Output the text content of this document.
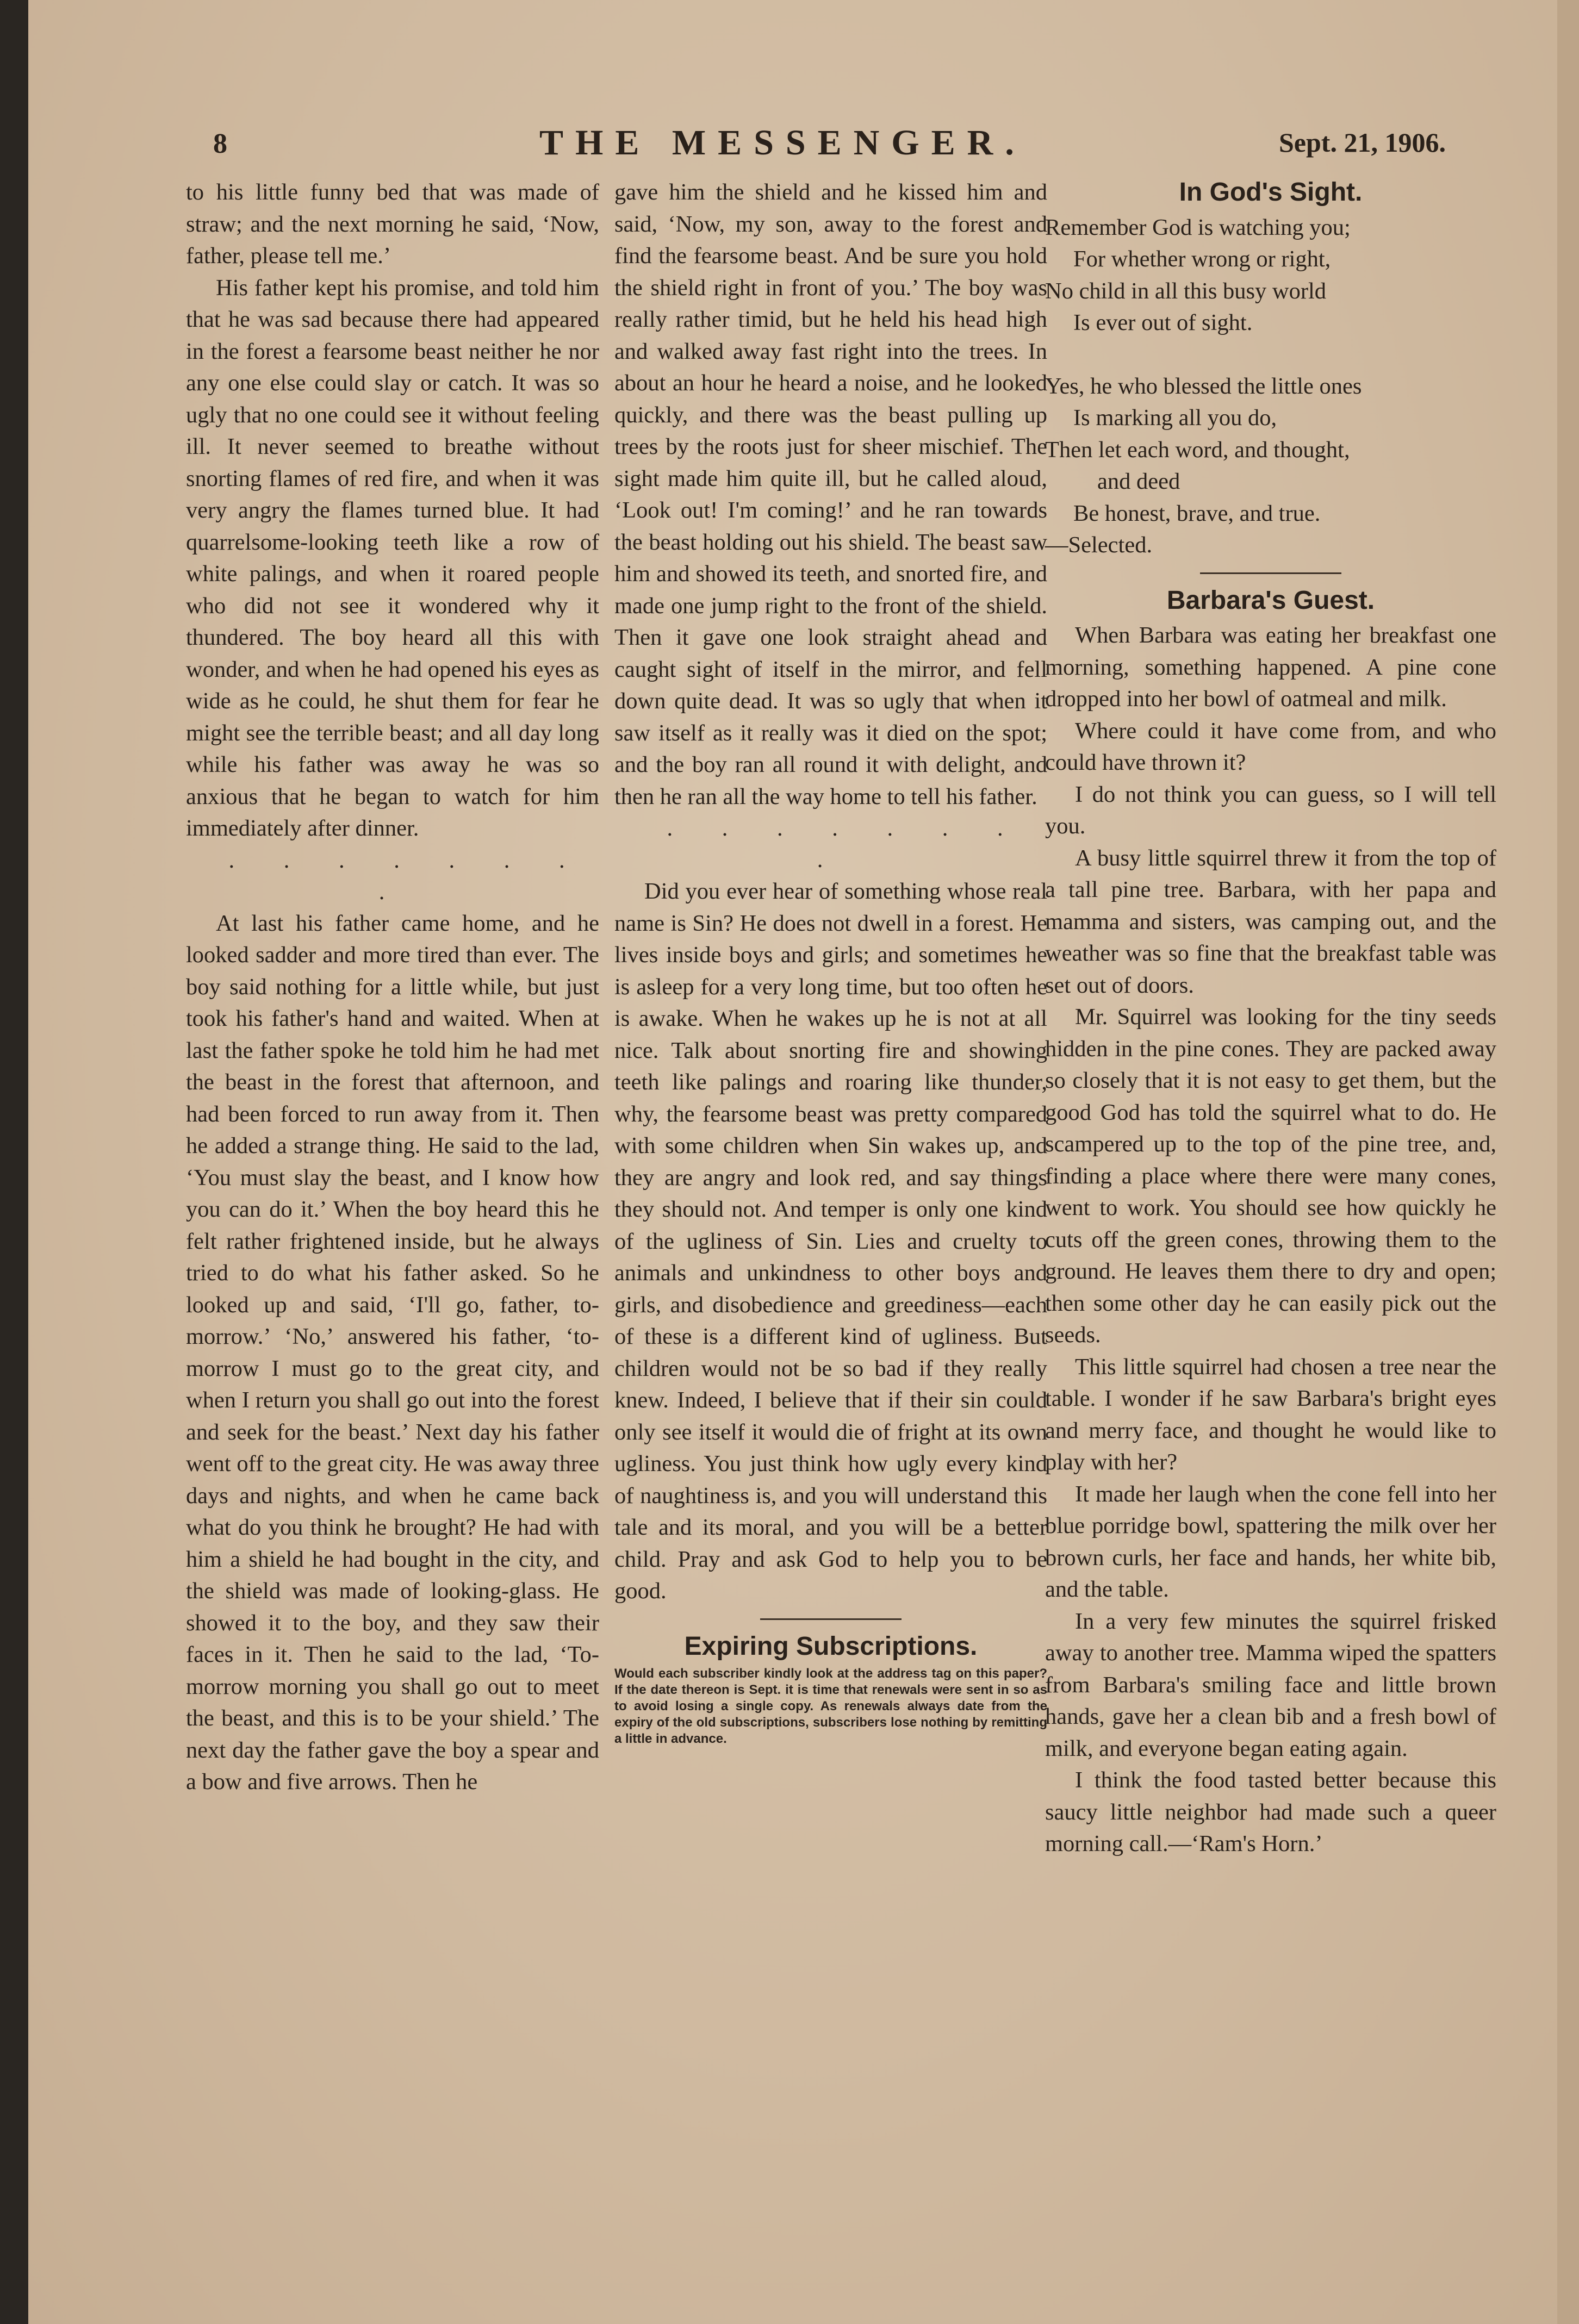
8	THE MESSENGER.	Sept. 21, 1906.

to his little funny bed that was made of straw; and the next morning he said, ‘Now, father, please tell me.’

His father kept his promise, and told him that he was sad because there had appeared in the forest a fearsome beast neither he nor any one else could slay or catch. It was so ugly that no one could see it without feeling ill. It never seemed to breathe without snorting flames of red fire, and when it was very angry the flames turned blue. It had quarrelsome-looking teeth like a row of white palings, and when it roared people who did not see it wondered why it thundered. The boy heard all this with wonder, and when he had opened his eyes as wide as he could, he shut them for fear he might see the terrible beast; and all day long while his father was away he was so anxious that he began to watch for him immediately after dinner.

. . . . . . . .

At last his father came home, and he looked sadder and more tired than ever. The boy said nothing for a little while, but just took his father's hand and waited. When at last the father spoke he told him he had met the beast in the forest that afternoon, and had been forced to run away from it. Then he added a strange thing. He said to the lad, ‘You must slay the beast, and I know how you can do it.’ When the boy heard this he felt rather frightened inside, but he always tried to do what his father asked. So he looked up and said, ‘I'll go, father, to-morrow.’ ‘No,’ answered his father, ‘to-morrow I must go to the great city, and when I return you shall go out into the forest and seek for the beast.’ Next day his father went off to the great city. He was away three days and nights, and when he came back what do you think he brought? He had with him a shield he had bought in the city, and the shield was made of looking-glass. He showed it to the boy, and they saw their faces in it. Then he said to the lad, ‘To-morrow morning you shall go out to meet the beast, and this is to be your shield.’ The next day the father gave the boy a spear and a bow and five arrows. Then he

gave him the shield and he kissed him and said, ‘Now, my son, away to the forest and find the fearsome beast. And be sure you hold the shield right in front of you.’ The boy was really rather timid, but he held his head high and walked away fast right into the trees. In about an hour he heard a noise, and he looked quickly, and there was the beast pulling up trees by the roots just for sheer mischief. The sight made him quite ill, but he called aloud, ‘Look out! I'm coming!’ and he ran towards the beast holding out his shield. The beast saw him and showed its teeth, and snorted fire, and made one jump right to the front of the shield. Then it gave one look straight ahead and caught sight of itself in the mirror, and fell down quite dead. It was so ugly that when it saw itself as it really was it died on the spot; and the boy ran all round it with delight, and then he ran all the way home to tell his father.

. . . . . . . .

Did you ever hear of something whose real name is Sin? He does not dwell in a forest. He lives inside boys and girls; and sometimes he is asleep for a very long time, but too often he is awake. When he wakes up he is not at all nice. Talk about snorting fire and showing teeth like palings and roaring like thunder, why, the fearsome beast was pretty compared with some children when Sin wakes up, and they are angry and look red, and say things they should not. And temper is only one kind of the ugliness of Sin. Lies and cruelty to animals and unkindness to other boys and girls, and disobedience and greediness—each of these is a different kind of ugliness. But children would not be so bad if they really knew. Indeed, I believe that if their sin could only see itself it would die of fright at its own ugliness. You just think how ugly every kind of naughtiness is, and you will understand this tale and its moral, and you will be a better child. Pray and ask God to help you to be good.

Expiring Subscriptions.
Would each subscriber kindly look at the address tag on this paper? If the date thereon is Sept. it is time that renewals were sent in so as to avoid losing a single copy. As renewals always date from the expiry of the old subscriptions, subscribers lose nothing by remitting a little in advance.
In God's Sight.
Remember God is watching you;
For whether wrong or right,
No child in all this busy world
Is ever out of sight.
Yes, he who blessed the little ones
Is marking all you do,
Then let each word, and thought,
and deed
Be honest, brave, and true.
—Selected.
Barbara's Guest.

When Barbara was eating her breakfast one morning, something happened. A pine cone dropped into her bowl of oatmeal and milk.

Where could it have come from, and who could have thrown it?

I do not think you can guess, so I will tell you.

A busy little squirrel threw it from the top of a tall pine tree. Barbara, with her papa and mamma and sisters, was camping out, and the weather was so fine that the breakfast table was set out of doors.

Mr. Squirrel was looking for the tiny seeds hidden in the pine cones. They are packed away so closely that it is not easy to get them, but the good God has told the squirrel what to do. He scampered up to the top of the pine tree, and, finding a place where there were many cones, went to work. You should see how quickly he cuts off the green cones, throwing them to the ground. He leaves them there to dry and open; then some other day he can easily pick out the seeds.

This little squirrel had chosen a tree near the table. I wonder if he saw Barbara's bright eyes and merry face, and thought he would like to play with her?

It made her laugh when the cone fell into her blue porridge bowl, spattering the milk over her brown curls, her face and hands, her white bib, and the table.

In a very few minutes the squirrel frisked away to another tree. Mamma wiped the spatters from Barbara's smiling face and little brown hands, gave her a clean bib and a fresh bowl of milk, and everyone began eating again.

I think the food tasted better because this saucy little neighbor had made such a queer morning call.—‘Ram's Horn.’
